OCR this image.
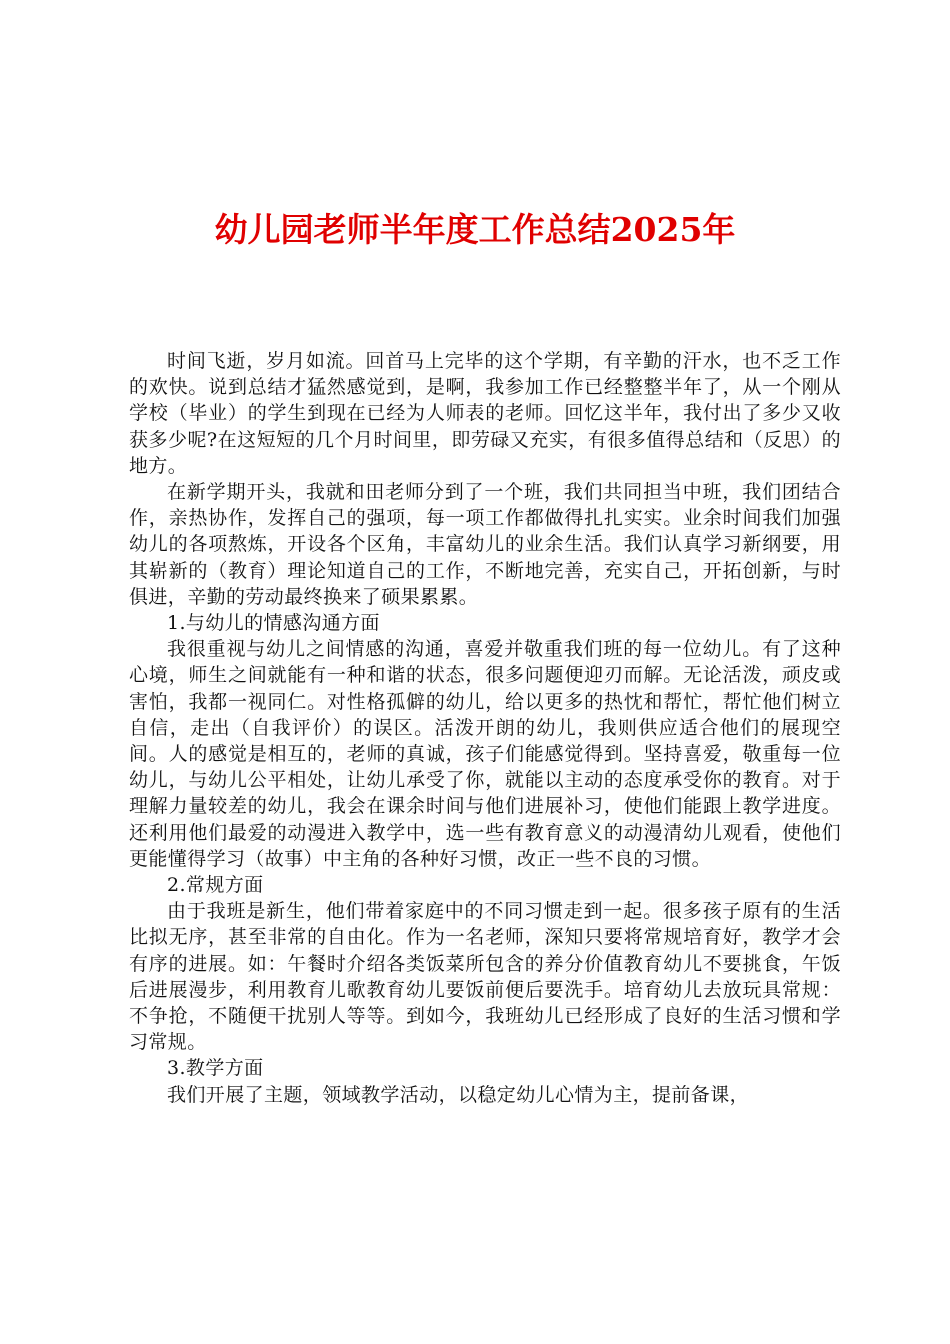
幼儿园老师半年度工作总结2025年

时间飞逝，岁月如流。回首马上完毕的这个学期，有辛勤的汗水，也不乏工作的欢快。说到总结才猛然感觉到，是啊，我参加工作已经整整半年了，从一个刚从学校（毕业）的学生到现在已经为人师表的老师。回忆这半年，我付出了多少又收获多少呢?在这短短的几个月时间里，即劳碌又充实，有很多值得总结和（反思）的地方。

在新学期开头，我就和田老师分到了一个班，我们共同担当中班，我们团结合作，亲热协作，发挥自己的强项，每一项工作都做得扎扎实实。业余时间我们加强幼儿的各项熬炼，开设各个区角，丰富幼儿的业余生活。我们认真学习新纲要，用其崭新的（教育）理论知道自己的工作，不断地完善，充实自己，开拓创新，与时俱进，辛勤的劳动最终换来了硕果累累。

1.与幼儿的情感沟通方面

我很重视与幼儿之间情感的沟通，喜爱并敬重我们班的每一位幼儿。有了这种心境，师生之间就能有一种和谐的状态，很多问题便迎刃而解。无论活泼，顽皮或害怕，我都一视同仁。对性格孤僻的幼儿，给以更多的热忱和帮忙，帮忙他们树立自信，走出（自我评价）的误区。活泼开朗的幼儿，我则供应适合他们的展现空间。人的感觉是相互的，老师的真诚，孩子们能感觉得到。坚持喜爱，敬重每一位幼儿，与幼儿公平相处，让幼儿承受了你，就能以主动的态度承受你的教育。对于理解力量较差的幼儿，我会在课余时间与他们进展补习，使他们能跟上教学进度。还利用他们最爱的动漫进入教学中，选一些有教育意义的动漫清幼儿观看，使他们更能懂得学习（故事）中主角的各种好习惯，改正一些不良的习惯。

2.常规方面

由于我班是新生，他们带着家庭中的不同习惯走到一起。很多孩子原有的生活比拟无序，甚至非常的自由化。作为一名老师，深知只要将常规培育好，教学才会有序的进展。如：午餐时介绍各类饭菜所包含的养分价值教育幼儿不要挑食，午饭后进展漫步，利用教育儿歌教育幼儿要饭前便后要洗手。培育幼儿去放玩具常规：不争抢，不随便干扰别人等等。到如今，我班幼儿已经形成了良好的生活习惯和学习常规。

3.教学方面

我们开展了主题，领域教学活动，以稳定幼儿心情为主，提前备课，
